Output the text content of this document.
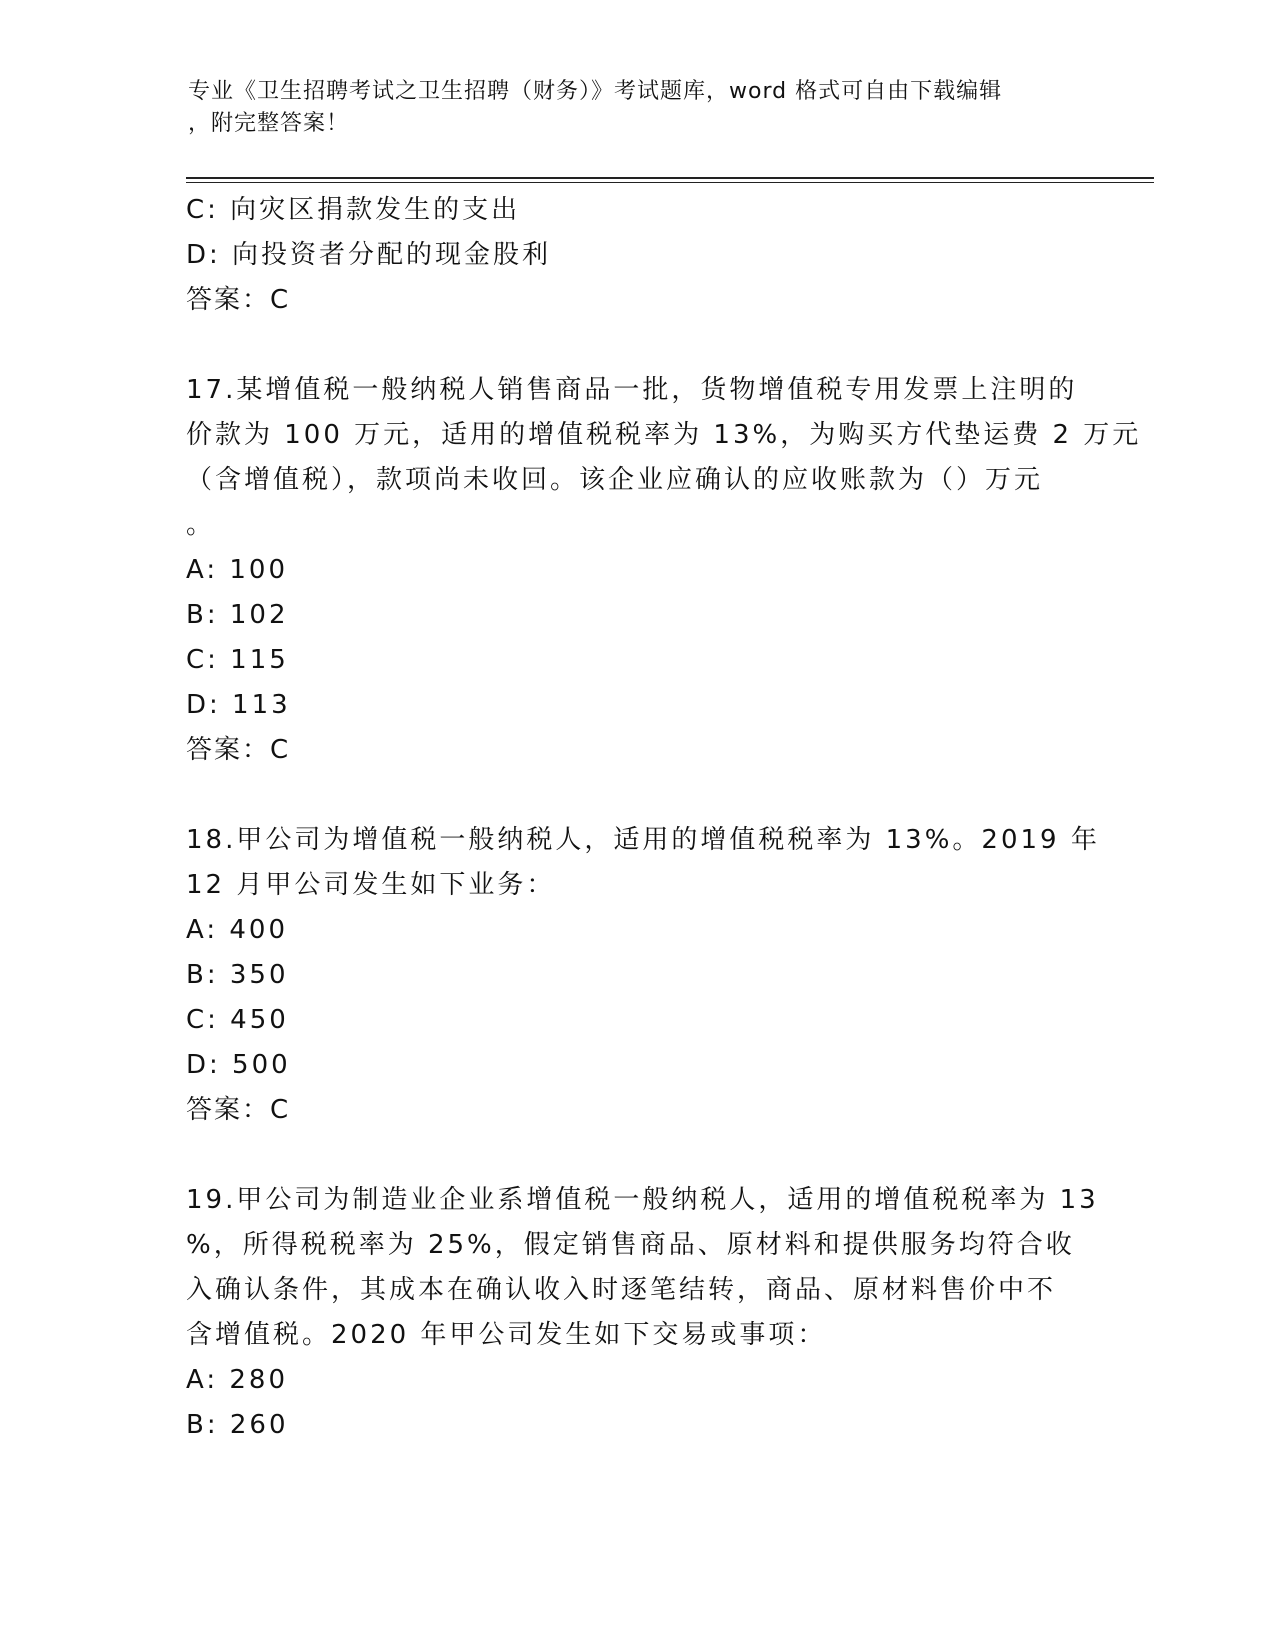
专业《卫生招聘考试之卫生招聘（财务）》考试题库，word 格式可自由下载编辑
，附完整答案！
C: 向灾区捐款发生的支出
D: 向投资者分配的现金股利
答案：C
17.某增值税一般纳税人销售商品一批，货物增值税专用发票上注明的
价款为 100 万元，适用的增值税税率为 13%，为购买方代垫运费 2 万元
（含增值税），款项尚未收回。该企业应确认的应收账款为（）万元
。
A: 100
B: 102
C: 115
D: 113
答案：C
18.甲公司为增值税一般纳税人，适用的增值税税率为 13%。2019 年
12 月甲公司发生如下业务：
A: 400
B: 350
C: 450
D: 500
答案：C
19.甲公司为制造业企业系增值税一般纳税人，适用的增值税税率为 13
%，所得税税率为 25%，假定销售商品、原材料和提供服务均符合收
入确认条件，其成本在确认收入时逐笔结转，商品、原材料售价中不
含增值税。2020 年甲公司发生如下交易或事项：
A: 280
B: 260
